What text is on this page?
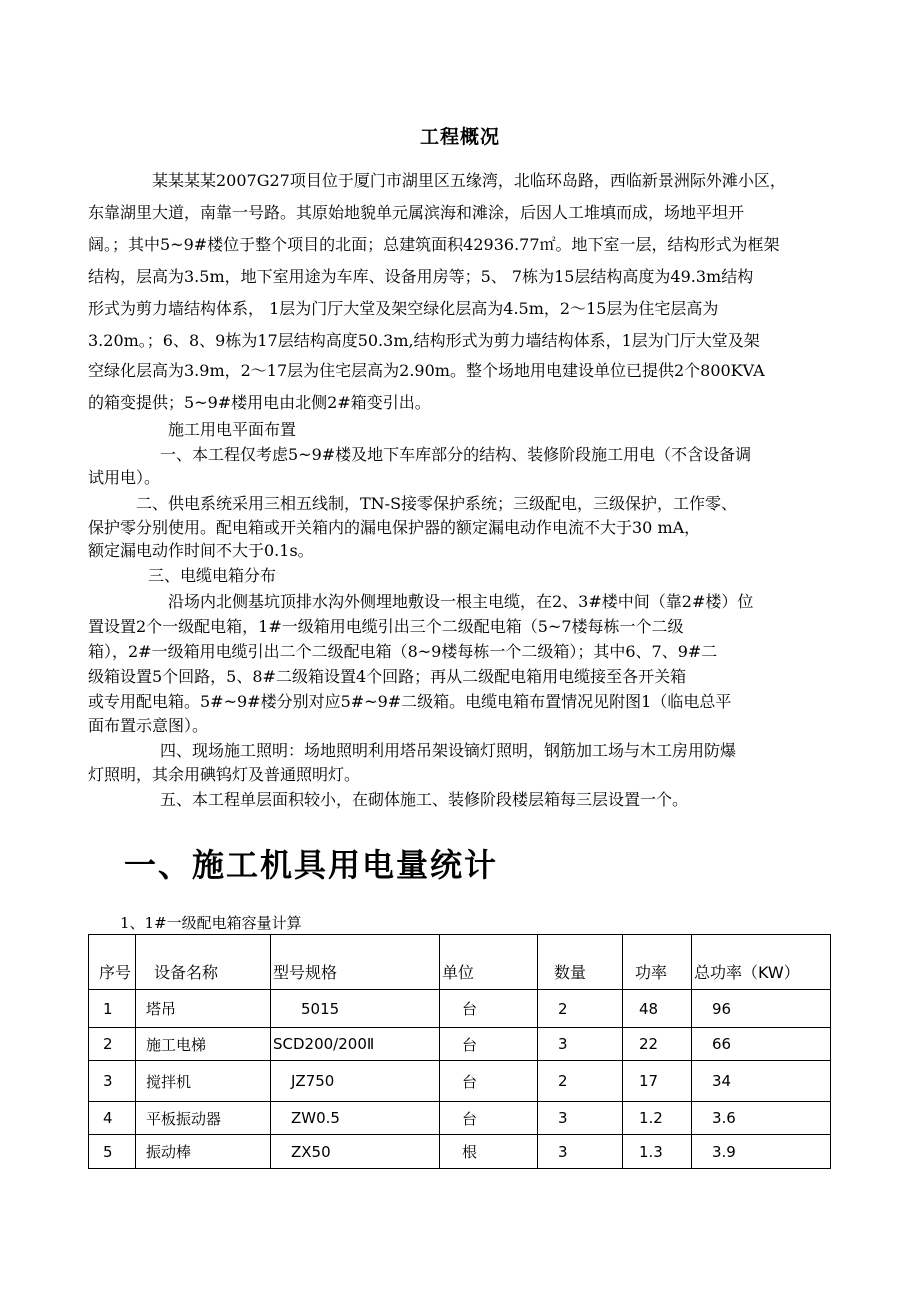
工程概况
某某某某2007G27项目位于厦门市湖里区五缘湾，北临环岛路，西临新景洲际外滩小区，
东靠湖里大道，南靠一号路。其原始地貌单元属滨海和滩涂，后因人工堆填而成，场地平坦开
阔。；其中5~9#楼位于整个项目的北面；总建筑面积42936.77㎡。地下室一层，结构形式为框架
结构，层高为3.5m，地下室用途为车库、设备用房等；5、 7栋为15层结构高度为49.3m结构
形式为剪力墙结构体系， 1层为门厅大堂及架空绿化层高为4.5m，2～15层为住宅层高为
3.20m。；6、8、9栋为17层结构高度50.3m,结构形式为剪力墙结构体系，1层为门厅大堂及架
空绿化层高为3.9m，2～17层为住宅层高为2.90m。整个场地用电建设单位已提供2个800KVA
的箱变提供；5~9#楼用电由北侧2#箱变引出。
施工用电平面布置
一、本工程仅考虑5~9#楼及地下车库部分的结构、装修阶段施工用电（不含设备调
试用电）。
二、供电系统采用三相五线制，TN-S接零保护系统；三级配电，三级保护，工作零、
保护零分别使用。配电箱或开关箱内的漏电保护器的额定漏电动作电流不大于30 mA，
额定漏电动作时间不大于0.1s。
三、电缆电箱分布
沿场内北侧基坑顶排水沟外侧埋地敷设一根主电缆，在2、3#楼中间（靠2#楼）位
置设置2个一级配电箱，1#一级箱用电缆引出三个二级配电箱（5~7楼每栋一个二级
箱），2#一级箱用电缆引出二个二级配电箱（8~9楼每栋一个二级箱）；其中6、7、9#二
级箱设置5个回路，5、8#二级箱设置4个回路；再从二级配电箱用电缆接至各开关箱
或专用配电箱。5#~9#楼分别对应5#~9#二级箱。电缆电箱布置情况见附图1（临电总平
面布置示意图）。
四、现场施工照明：场地照明利用塔吊架设镝灯照明，钢筋加工场与木工房用防爆
灯照明，其余用碘钨灯及普通照明灯。
五、本工程单层面积较小，在砌体施工、装修阶段楼层箱每三层设置一个。
一、施工机具用电量统计
1、1#一级配电箱容量计算
序号	设备名称	型号规格	单位	数量	功率	总功率（KW）
1	塔吊	5015	台	2	48	96
2	施工电梯	SCD200/200Ⅱ	台	3	22	66
3	搅拌机	JZ750	台	2	17	34
4	平板振动器	ZW0.5	台	3	1.2	3.6
5	振动棒	ZX50	根	3	1.3	3.9
